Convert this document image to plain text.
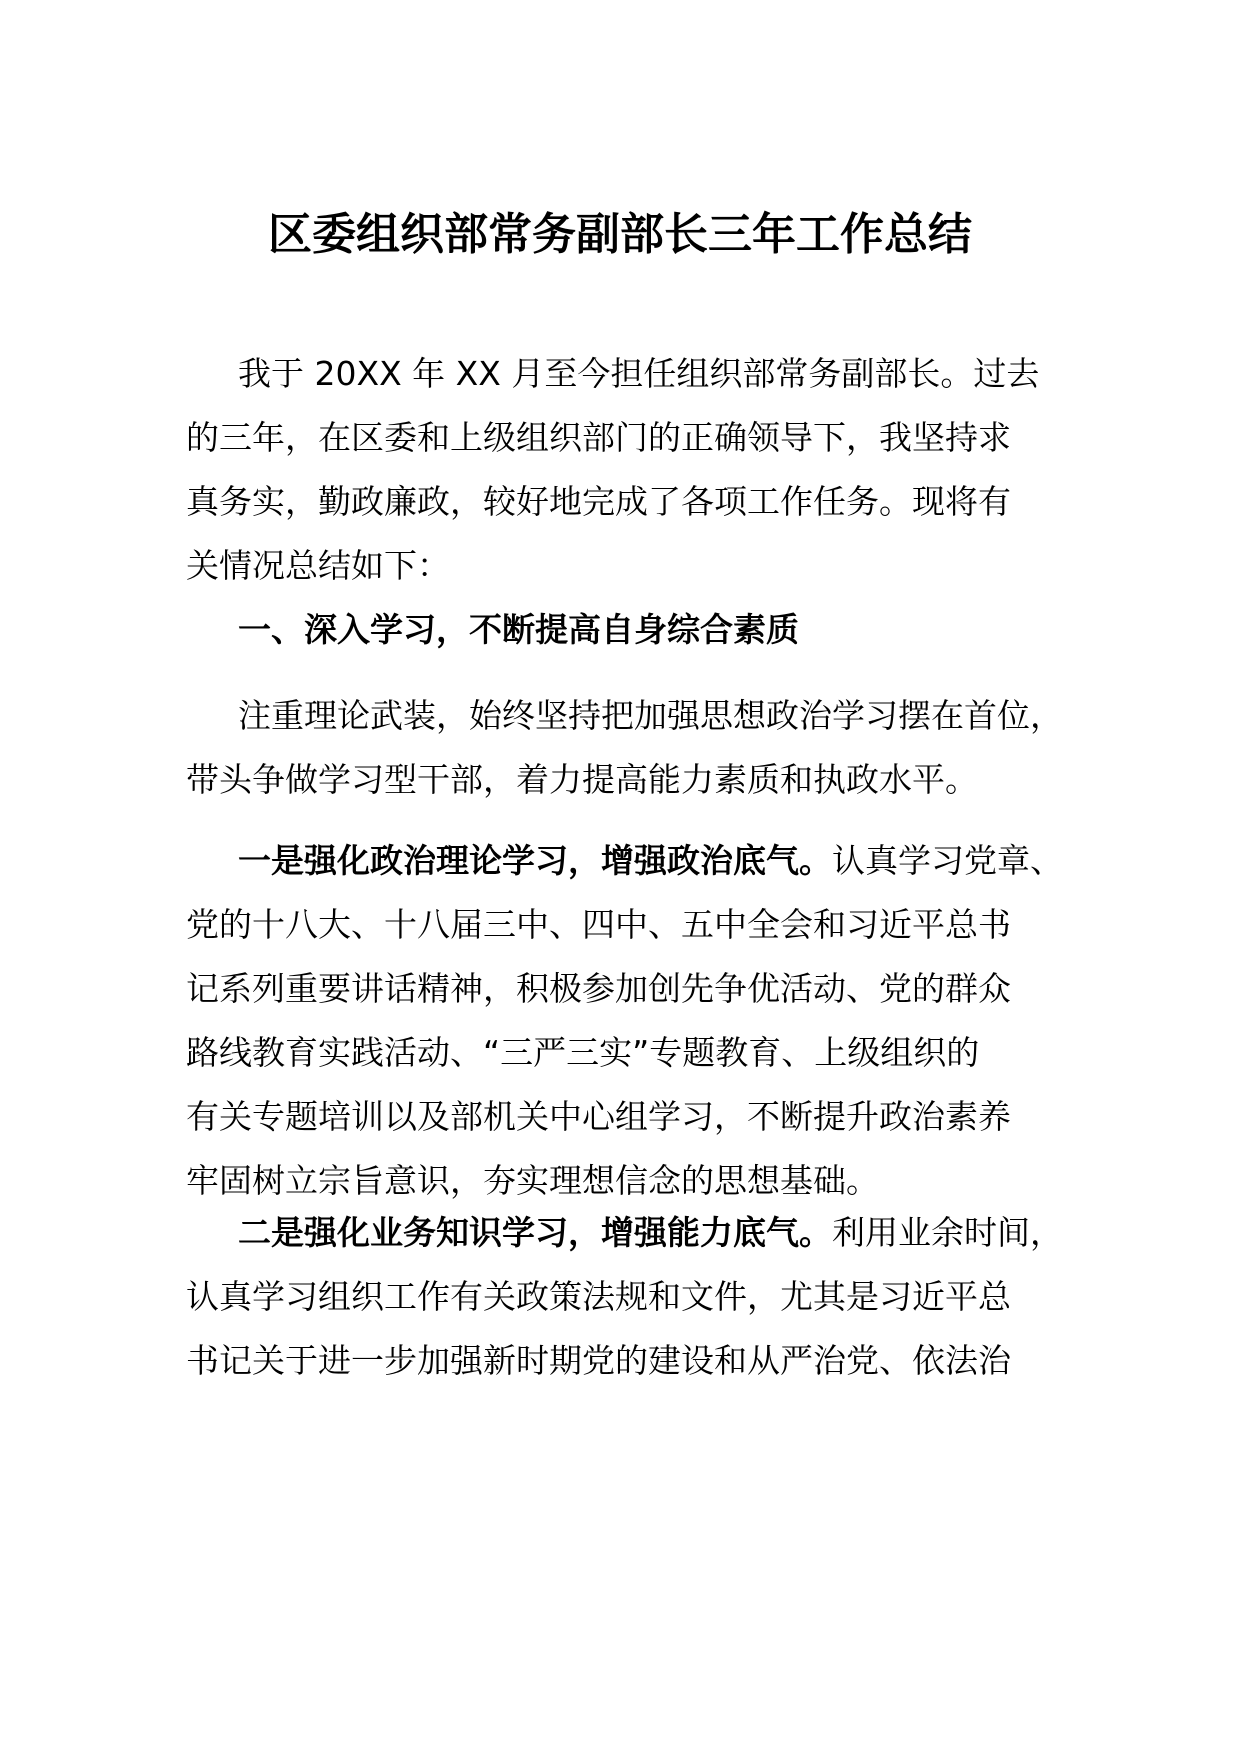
区委组织部常务副部长三年工作总结
我于 20XX 年 XX 月至今担任组织部常务副部长。过去
的三年，在区委和上级组织部门的正确领导下，我坚持求
真务实，勤政廉政，较好地完成了各项工作任务。现将有
关情况总结如下：
一、深入学习，不断提高自身综合素质
注重理论武装，始终坚持把加强思想政治学习摆在首位，
带头争做学习型干部，着力提高能力素质和执政水平。
一是强化政治理论学习，增强政治底气。认真学习党章、
党的十八大、十八届三中、四中、五中全会和习近平总书
记系列重要讲话精神，积极参加创先争优活动、党的群众
路线教育实践活动、“三严三实”专题教育、上级组织的
有关专题培训以及部机关中心组学习，不断提升政治素养
牢固树立宗旨意识，夯实理想信念的思想基础。
二是强化业务知识学习，增强能力底气。利用业余时间，
认真学习组织工作有关政策法规和文件，尤其是习近平总
书记关于进一步加强新时期党的建设和从严治党、依法治
